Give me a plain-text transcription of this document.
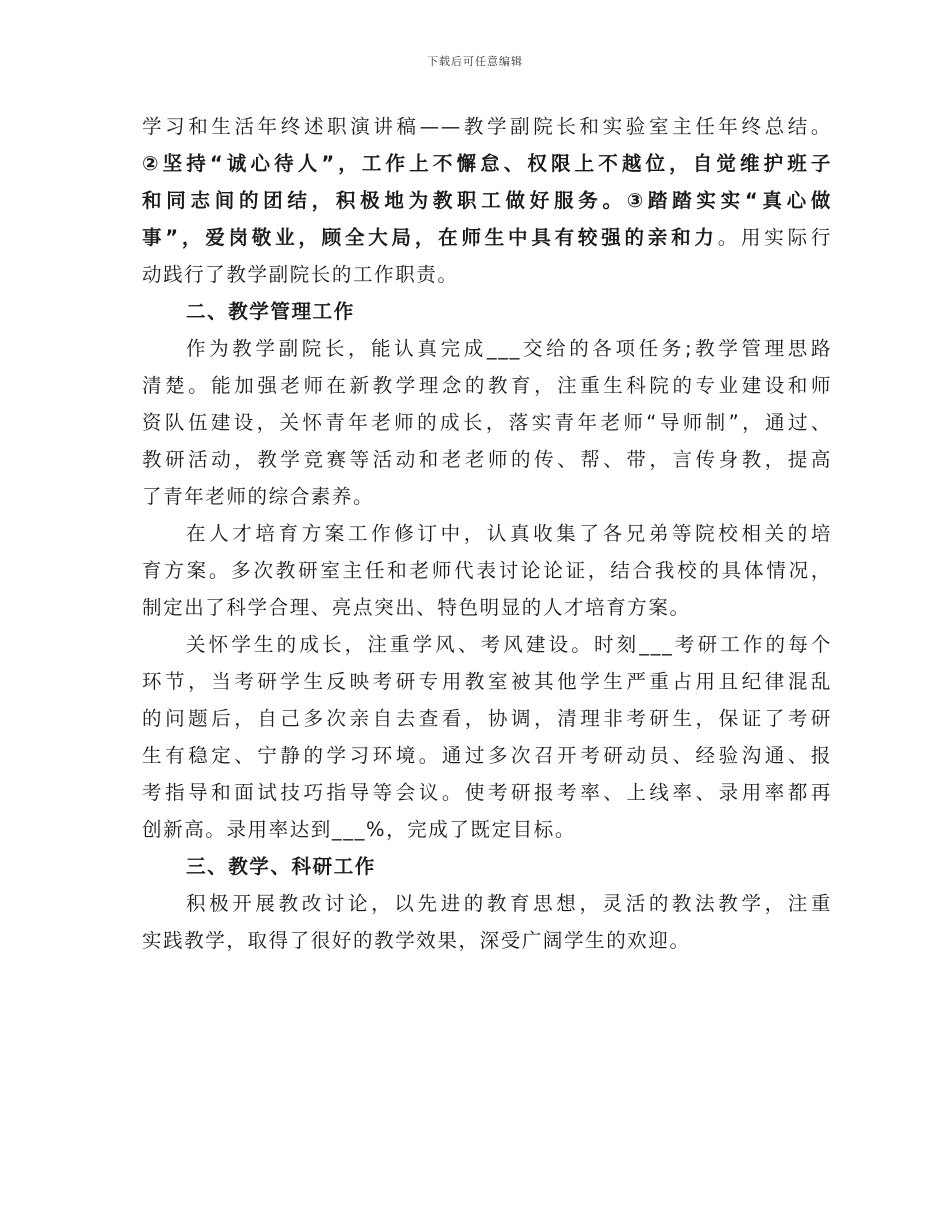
下载后可任意编辑
学习和生活年终述职演讲稿——教学副院长和实验室主任年终总结。
②坚持“诚心待人”，工作上不懈怠、权限上不越位，自觉维护班子
和同志间的团结，积极地为教职工做好服务。③踏踏实实“真心做
事”，爱岗敬业，顾全大局，在师生中具有较强的亲和力。用实际行
动践行了教学副院长的工作职责。
二、教学管理工作
作为教学副院长，能认真完成___交给的各项任务;教学管理思路
清楚。能加强老师在新教学理念的教育，注重生科院的专业建设和师
资队伍建设，关怀青年老师的成长，落实青年老师“导师制”，通过、
教研活动，教学竞赛等活动和老老师的传、帮、带，言传身教，提高
了青年老师的综合素养。
在人才培育方案工作修订中，认真收集了各兄弟等院校相关的培
育方案。多次教研室主任和老师代表讨论论证，结合我校的具体情况，
制定出了科学合理、亮点突出、特色明显的人才培育方案。
关怀学生的成长，注重学风、考风建设。时刻___考研工作的每个
环节，当考研学生反映考研专用教室被其他学生严重占用且纪律混乱
的问题后，自己多次亲自去查看，协调，清理非考研生，保证了考研
生有稳定、宁静的学习环境。通过多次召开考研动员、经验沟通、报
考指导和面试技巧指导等会议。使考研报考率、上线率、录用率都再
创新高。录用率达到___%，完成了既定目标。
三、教学、科研工作
积极开展教改讨论，以先进的教育思想，灵活的教法教学，注重
实践教学，取得了很好的教学效果，深受广阔学生的欢迎。
